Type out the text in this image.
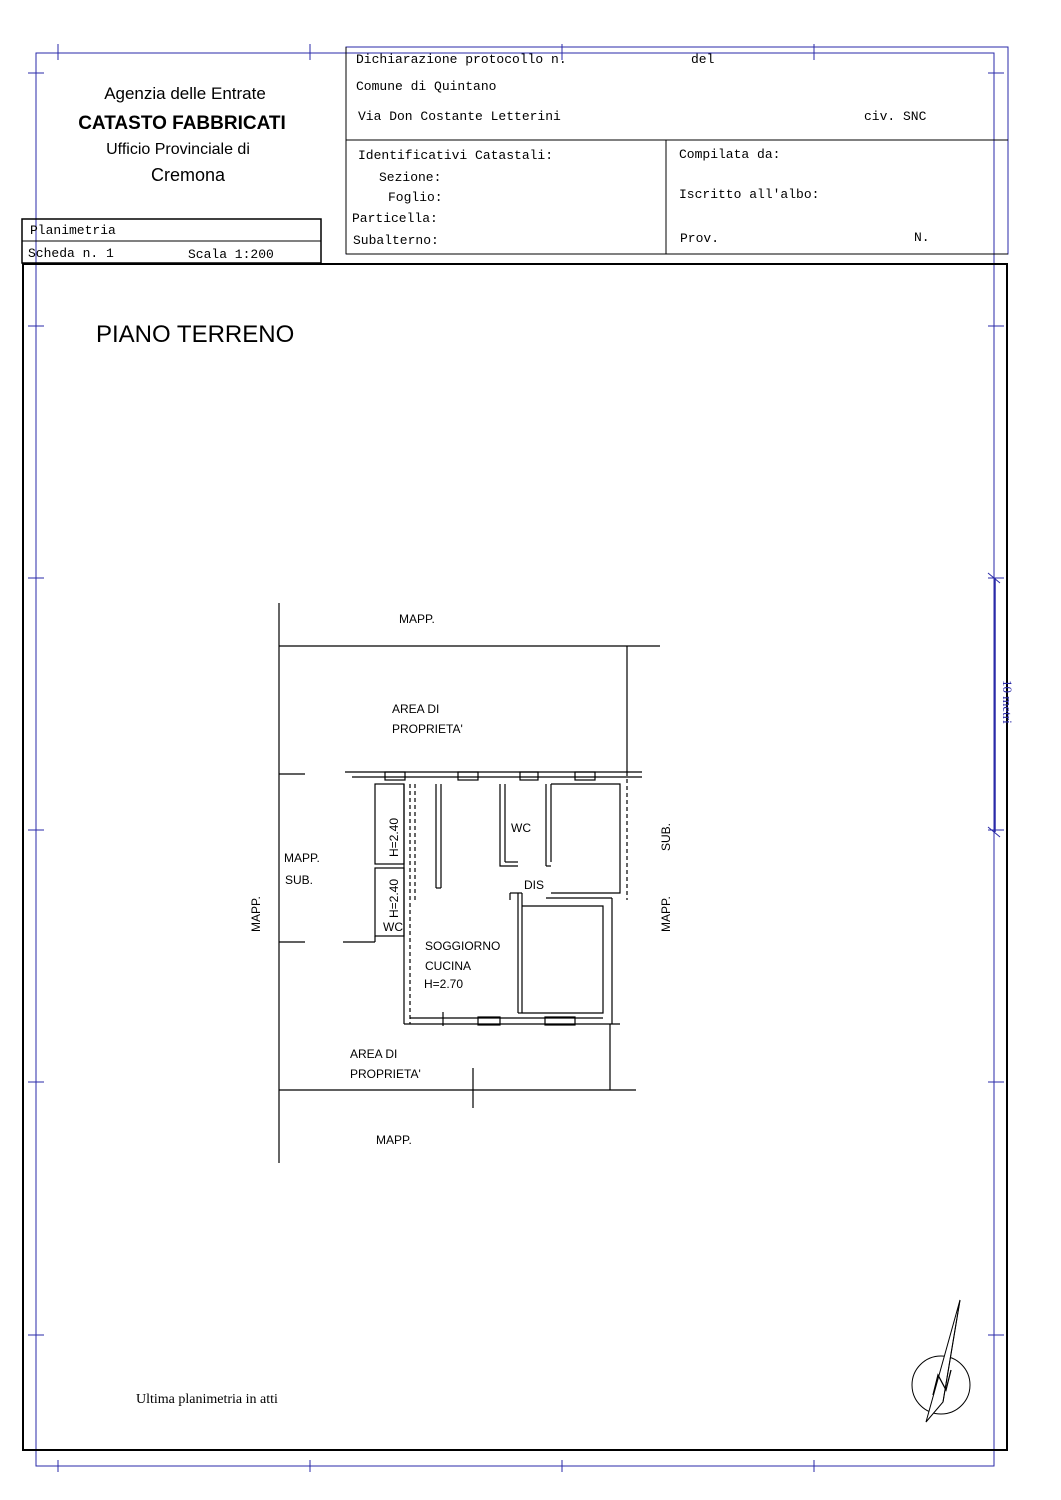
Agenzia delle Entrate
CATASTO FABBRICATI
Ufficio Provinciale di
Cremona
Planimetria
Scheda n. 1	Scala 1:200
Dichiarazione protocollo n.	del
Comune di Quintano
Via Don Costante Letterini	civ. SNC
Identificativi Catastali:
Sezione:
Foglio:
Particella:
Subalterno:
Compilata da:
Iscritto all'albo:
Prov.	N.
PIANO TERRENO
10 metri
MAPP.
AREA DI
PROPRIETA'
MAPP.
SUB.
WC
WC
DIS
SOGGIORNO
CUCINA
H=2.70
AREA DI
PROPRIETA'
MAPP.
MAPP.
H=2.40
H=2.40
SUB.
MAPP.
Ultima planimetria in atti
